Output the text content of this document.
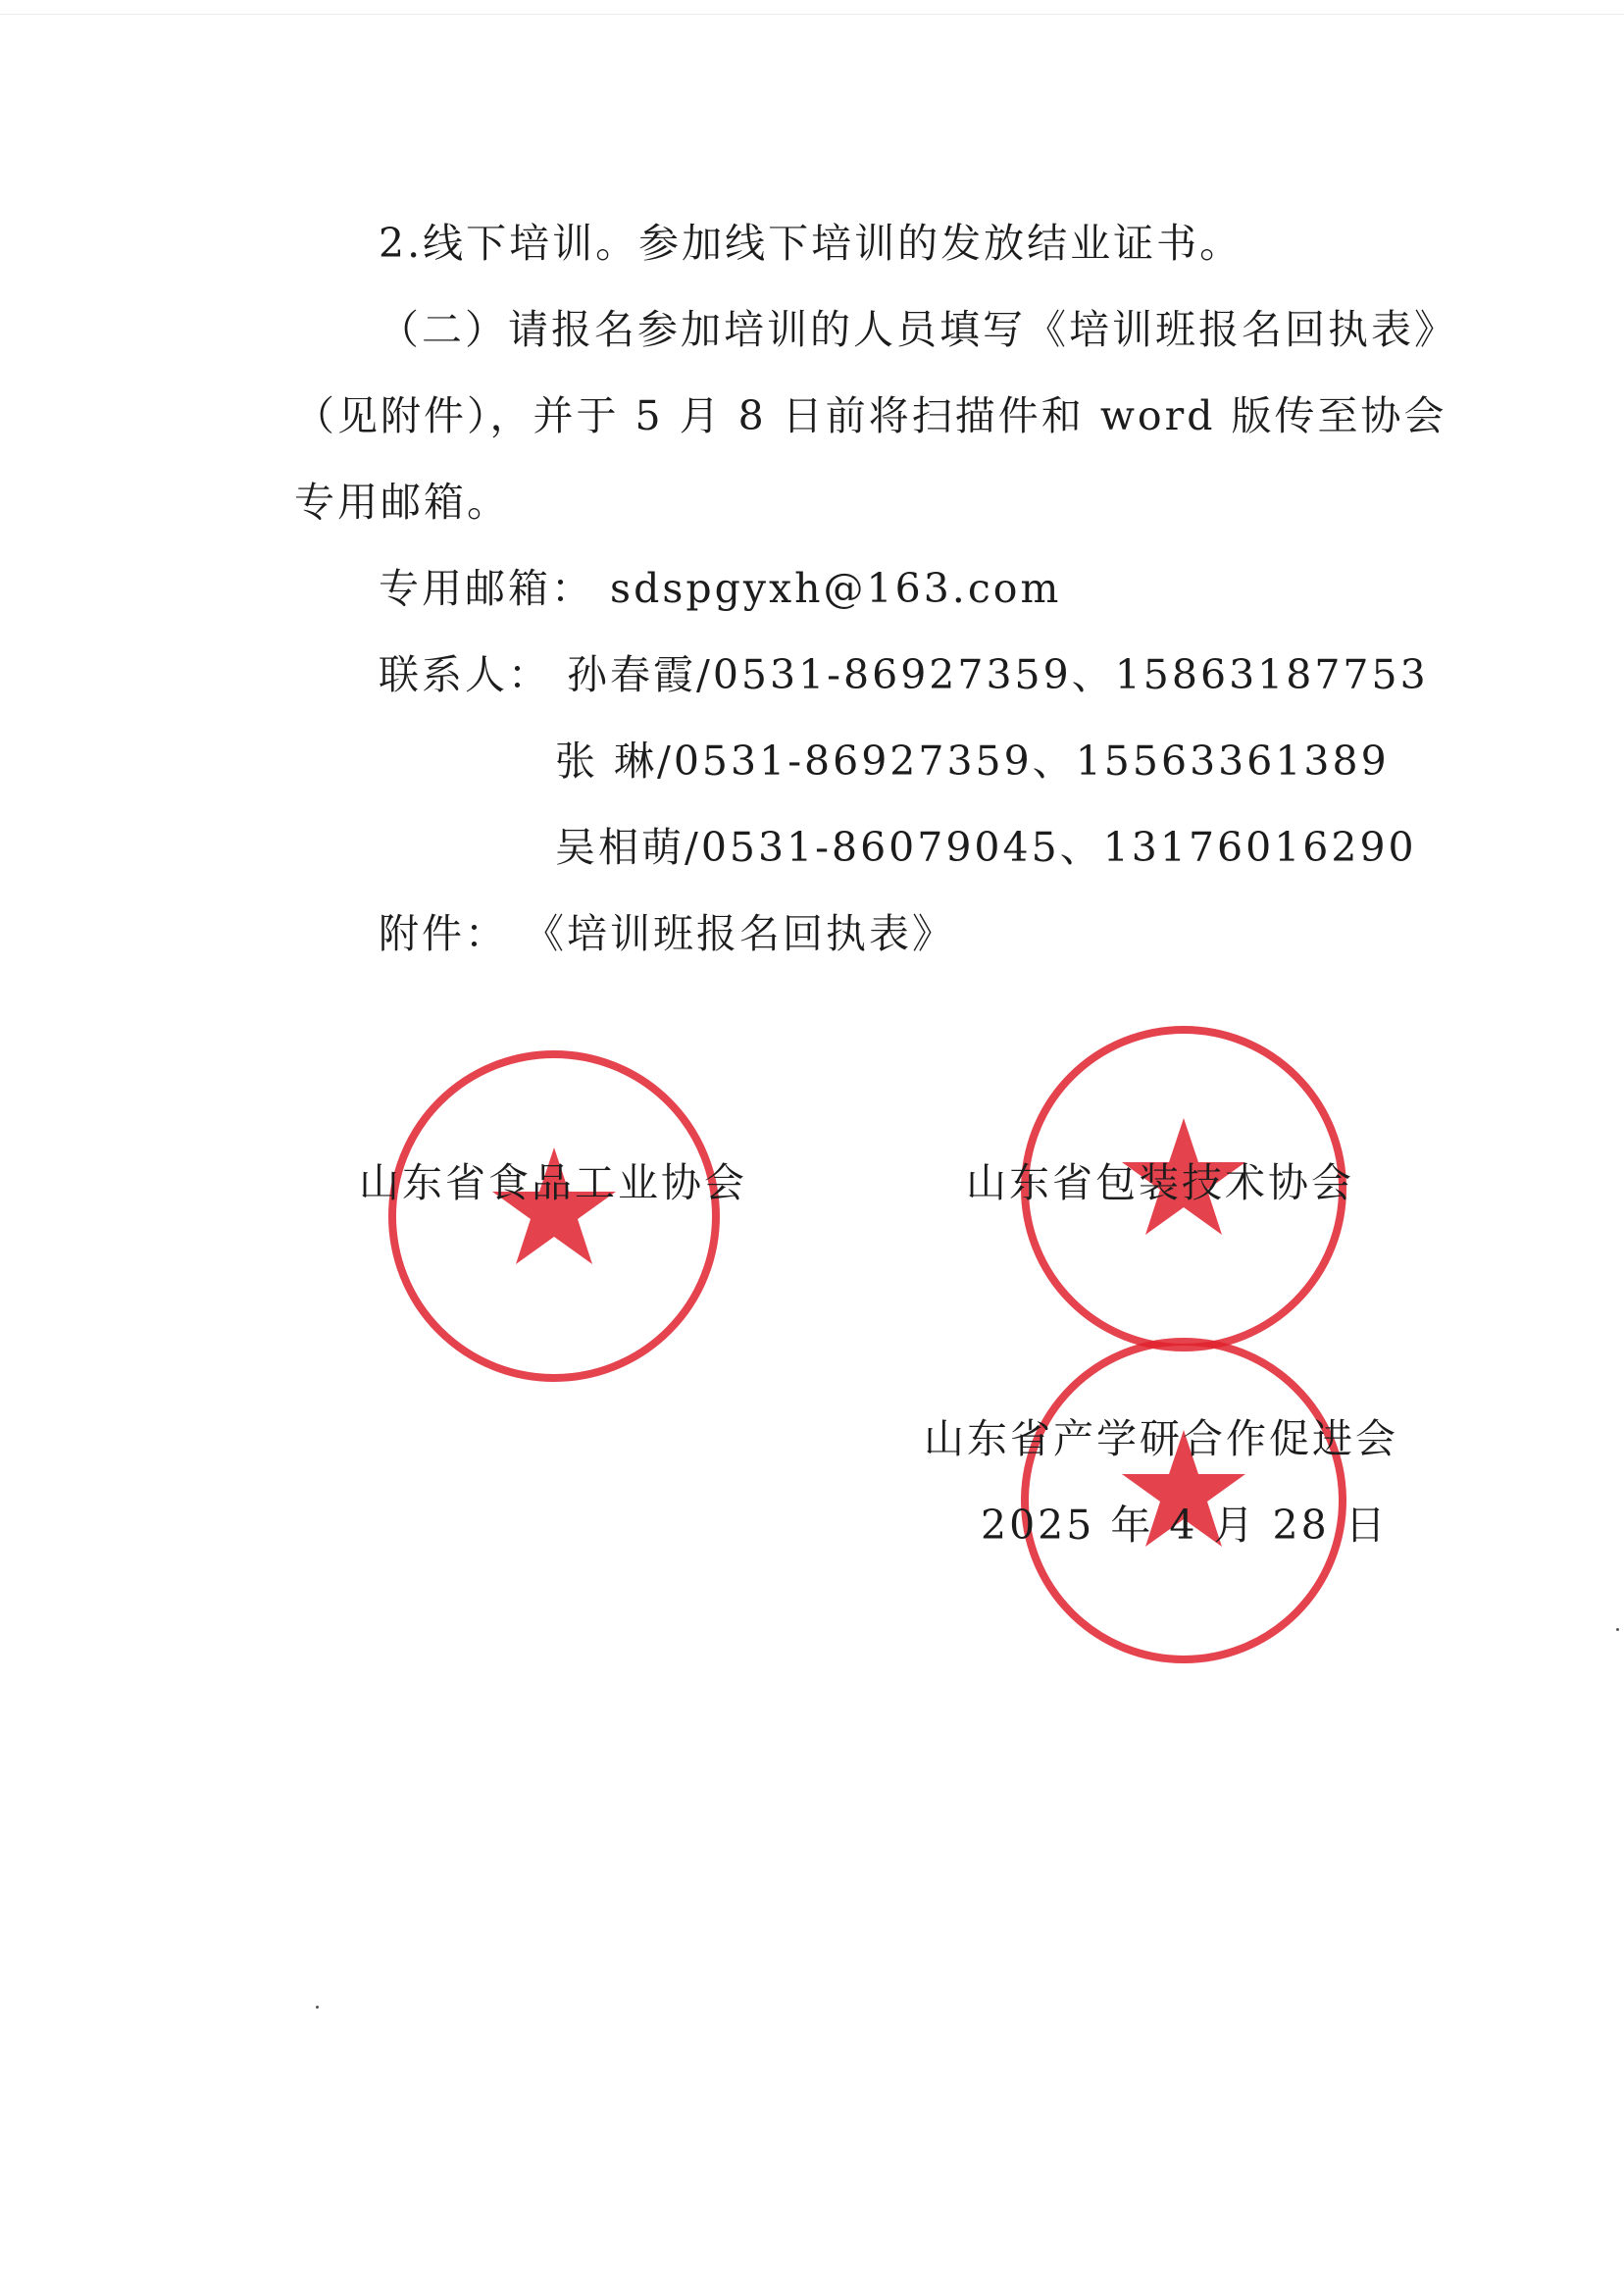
2.线下培训。参加线下培训的发放结业证书。
（二）请报名参加培训的人员填写《培训班报名回执表》
（见附件），并于 5 月 8 日前将扫描件和 word 版传至协会
专用邮箱。
专用邮箱： sdspgyxh@163.com
联系人： 孙春霞/0531-86927359、15863187753
张 琳/0531-86927359、15563361389
吴相萌/0531-86079045、13176016290
附件： 《培训班报名回执表》
山东省食品工业协会	山东省包装技术协会
山东省产学研合作促进会
2025 年 4 月 28 日
